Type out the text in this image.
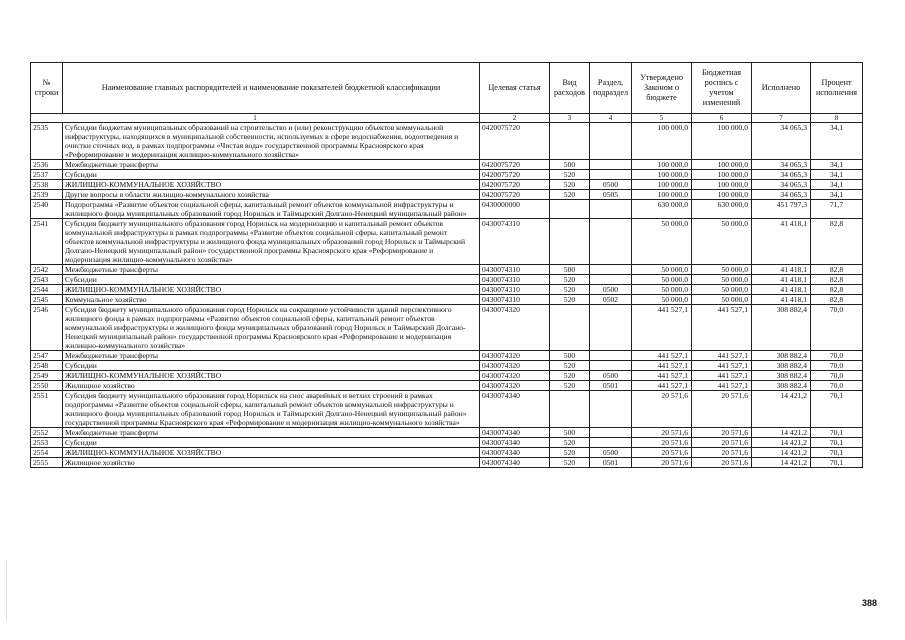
№ строки	Наименование главных распорядителей и наименование показателей бюджетной классификации	Целевая статья	Вид расходов	Раздел, подраздел	Утверждено Законом о бюджете	Бюджетная роспись с учетом изменений	Исполнено	Процент исполнения
1		2	3	4	5	6	7	8
2535	Субсидии бюджетам муниципальных образований на строительство и (или) реконструкцию объектов коммунальной инфраструктуры, находящихся в муниципальной собственности, используемых в сфере водоснабжения, водоотведения и очистки сточных вод, в рамках подпрограммы «Чистая вода» государственной программы Красноярского края «Реформирование и модернизация жилищно-коммунального хозяйства»	0420075720			100 000,0	100 000,0	34 065,3	34,1
2536	Межбюджетные трансферты	0420075720	500		100 000,0	100 000,0	34 065,3	34,1
2537	Субсидии	0420075720	520		100 000,0	100 000,0	34 065,3	34,1
2538	ЖИЛИЩНО-КОММУНАЛЬНОЕ ХОЗЯЙСТВО	0420075720	520	0500	100 000,0	100 000,0	34 065,3	34,1
2539	Другие вопросы в области жилищно-коммунального хозяйства	0420075720	520	0505	100 000,0	100 000,0	34 065,3	34,1
2540	Подпрограмма «Развитие объектов социальной сферы, капитальный ремонт объектов коммунальной инфраструктуры и жилищного фонда муниципальных образований город Норильск и Таймырский Долгано-Ненецкий муниципальный район»	0430000000			630 000,0	630 000,0	451 797,3	71,7
2541	Субсидия бюджету муниципального образования город Норильск на модернизацию и капитальный ремонт объектов коммунальной инфраструктуры в рамках подпрограммы «Развитие объектов социальной сферы, капитальный ремонт объектов коммунальной инфраструктуры и жилищного фонда муниципальных образований город Норильск и Таймырский Долгано-Ненецкий муниципальный район» государственной программы Красноярского края «Реформирование и модернизация жилищно-коммунального хозяйства»	0430074310			50 000,0	50 000,0	41 418,1	82,8
2542	Межбюджетные трансферты	0430074310	500		50 000,0	50 000,0	41 418,1	82,8
2543	Субсидии	0430074310	520		50 000,0	50 000,0	41 418,1	82,8
2544	ЖИЛИЩНО-КОММУНАЛЬНОЕ ХОЗЯЙСТВО	0430074310	520	0500	50 000,0	50 000,0	41 418,1	82,8
2545	Коммунальное хозяйство	0430074310	520	0502	50 000,0	50 000,0	41 418,1	82,8
2546	Субсидия бюджету муниципального образования город Норильск на сокращение устойчивости зданий перспективного жилищного фонда в рамках подпрограммы «Развитие объектов социальной сферы, капитальный ремонт объектов коммунальной инфраструктуры и жилищного фонда муниципальных образований город Норильск и Таймырский Долгано-Ненецкий муниципальный район» государственной программы Красноярского края «Реформирование и модернизация жилищно-коммунального хозяйства»	0430074320			441 527,1	441 527,1	308 882,4	70,0
2547	Межбюджетные трансферты	0430074320	500		441 527,1	441 527,1	308 882,4	70,0
2548	Субсидии	0430074320	520		441 527,1	441 527,1	308 882,4	70,0
2549	ЖИЛИЩНО-КОММУНАЛЬНОЕ ХОЗЯЙСТВО	0430074320	520	0500	441 527,1	441 527,1	308 882,4	70,0
2550	Жилищное хозяйство	0430074320	520	0501	441 527,1	441 527,1	308 882,4	70,0
2551	Субсидия бюджету муниципального образования город Норильск на снос аварийных и ветхих строений в рамках подпрограммы «Развитие объектов социальной сферы, капитальный ремонт объектов коммунальной инфраструктуры и жилищного фонда муниципальных образований город Норильск и Таймырский Долгано-Ненецкий муниципальный район» государственной программы Красноярского края «Реформирование и модернизация жилищно-коммунального хозяйства»	0430074340			20 571,6	20 571,6	14 421,2	70,1
2552	Межбюджетные трансферты	0430074340	500		20 571,6	20 571,6	14 421,2	70,1
2553	Субсидии	0430074340	520		20 571,6	20 571,6	14 421,2	70,1
2554	ЖИЛИЩНО-КОММУНАЛЬНОЕ ХОЗЯЙСТВО	0430074340	520	0500	20 571,6	20 571,6	14 421,2	70,1
2555	Жилищное хозяйство	0430074340	520	0501	20 571,6	20 571,6	14 421,2	70,1
388
